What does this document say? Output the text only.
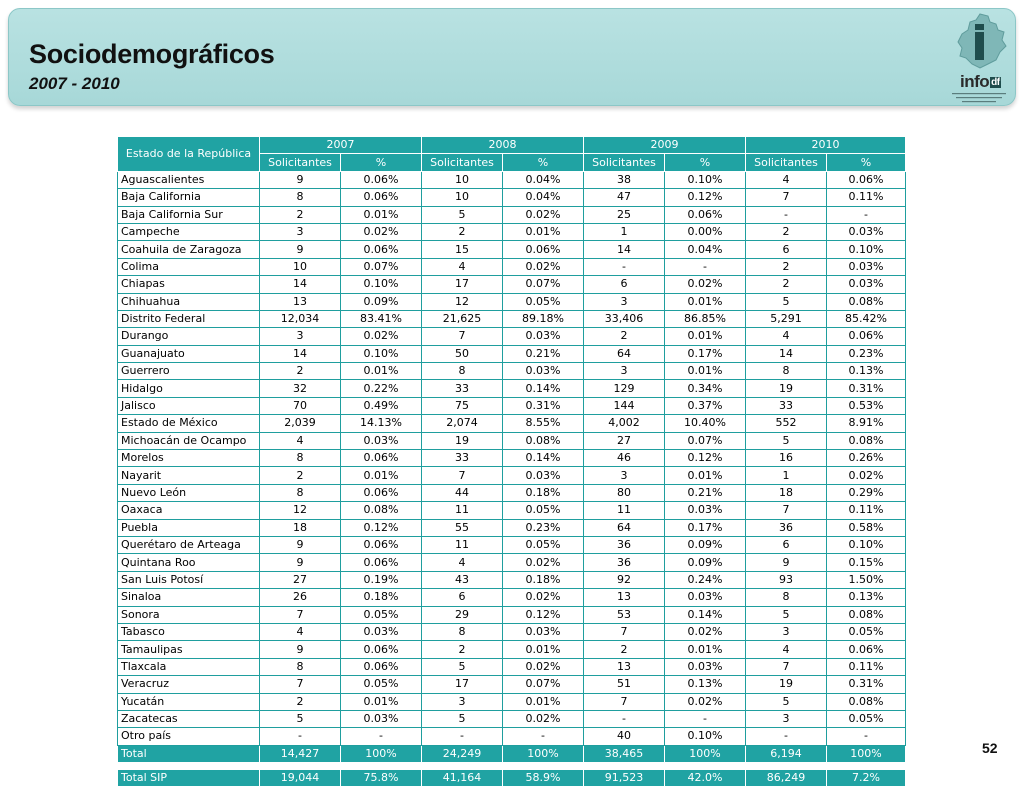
Sociodemográficos
2007 - 2010	info df
Estado de la República	2007		2008		2009		2010	
	Solicitantes	%	Solicitantes	%	Solicitantes	%	Solicitantes	%
Aguascalientes	9	0.06%	10	0.04%	38	0.10%	4	0.06%
Baja California	8	0.06%	10	0.04%	47	0.12%	7	0.11%
Baja California Sur	2	0.01%	5	0.02%	25	0.06%	-	-
Campeche	3	0.02%	2	0.01%	1	0.00%	2	0.03%
Coahuila de Zaragoza	9	0.06%	15	0.06%	14	0.04%	6	0.10%
Colima	10	0.07%	4	0.02%	-	-	2	0.03%
Chiapas	14	0.10%	17	0.07%	6	0.02%	2	0.03%
Chihuahua	13	0.09%	12	0.05%	3	0.01%	5	0.08%
Distrito Federal	12,034	83.41%	21,625	89.18%	33,406	86.85%	5,291	85.42%
Durango	3	0.02%	7	0.03%	2	0.01%	4	0.06%
Guanajuato	14	0.10%	50	0.21%	64	0.17%	14	0.23%
Guerrero	2	0.01%	8	0.03%	3	0.01%	8	0.13%
Hidalgo	32	0.22%	33	0.14%	129	0.34%	19	0.31%
Jalisco	70	0.49%	75	0.31%	144	0.37%	33	0.53%
Estado de México	2,039	14.13%	2,074	8.55%	4,002	10.40%	552	8.91%
Michoacán de Ocampo	4	0.03%	19	0.08%	27	0.07%	5	0.08%
Morelos	8	0.06%	33	0.14%	46	0.12%	16	0.26%
Nayarit	2	0.01%	7	0.03%	3	0.01%	1	0.02%
Nuevo León	8	0.06%	44	0.18%	80	0.21%	18	0.29%
Oaxaca	12	0.08%	11	0.05%	11	0.03%	7	0.11%
Puebla	18	0.12%	55	0.23%	64	0.17%	36	0.58%
Querétaro de Arteaga	9	0.06%	11	0.05%	36	0.09%	6	0.10%
Quintana Roo	9	0.06%	4	0.02%	36	0.09%	9	0.15%
San Luis Potosí	27	0.19%	43	0.18%	92	0.24%	93	1.50%
Sinaloa	26	0.18%	6	0.02%	13	0.03%	8	0.13%
Sonora	7	0.05%	29	0.12%	53	0.14%	5	0.08%
Tabasco	4	0.03%	8	0.03%	7	0.02%	3	0.05%
Tamaulipas	9	0.06%	2	0.01%	2	0.01%	4	0.06%
Tlaxcala	8	0.06%	5	0.02%	13	0.03%	7	0.11%
Veracruz	7	0.05%	17	0.07%	51	0.13%	19	0.31%
Yucatán	2	0.01%	3	0.01%	7	0.02%	5	0.08%
Zacatecas	5	0.03%	5	0.02%	-	-	3	0.05%
Otro país	-	-	-	-	40	0.10%	-	-
Total	14,427	100%	24,249	100%	38,465	100%	6,194	100%

Total SIP	19,044	75.8%	41,164	58.9%	91,523	42.0%	86,249	7.2%
52
